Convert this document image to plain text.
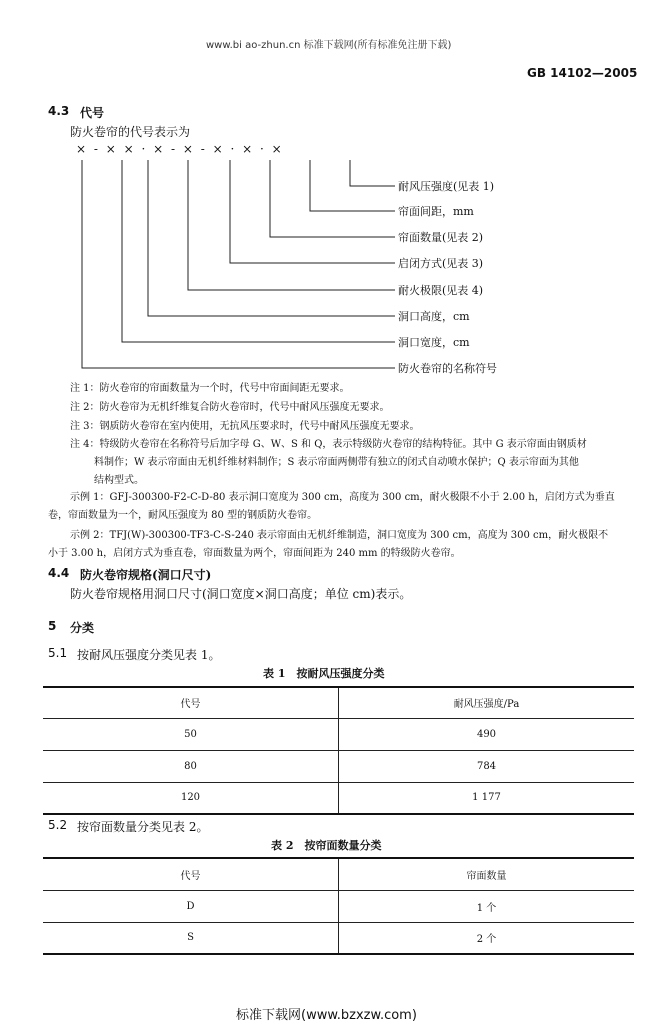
www.bi ao-zhun.cn 标准下载网(所有标准免注册下载)
GB 14102—2005
4.3 代号
防火卷帘的代号表示为
× - × × · × - × - × · × · ×
耐风压强度(见表 1)
帘面间距，mm
帘面数量(见表 2)
启闭方式(见表 3)
耐火极限(见表 4)
洞口高度，cm
洞口宽度，cm
防火卷帘的名称符号
注 1：防火卷帘的帘面数量为一个时，代号中帘面间距无要求。
注 2：防火卷帘为无机纤维复合防火卷帘时，代号中耐风压强度无要求。
注 3：钢质防火卷帘在室内使用，无抗风压要求时，代号中耐风压强度无要求。
注 4：特级防火卷帘在名称符号后加字母 G、W、S 和 Q，表示特级防火卷帘的结构特征。其中 G 表示帘面由钢质材
料制作；W 表示帘面由无机纤维材料制作；S 表示帘面两侧带有独立的闭式自动喷水保护；Q 表示帘面为其他
结构型式。
示例 1：GFJ-300300-F2-C-D-80 表示洞口宽度为 300 cm，高度为 300 cm，耐火极限不小于 2.00 h，启闭方式为垂直
卷，帘面数量为一个，耐风压强度为 80 型的钢质防火卷帘。
示例 2：TFJ(W)-300300-TF3-C-S-240 表示帘面由无机纤维制造，洞口宽度为 300 cm，高度为 300 cm，耐火极限不
小于 3.00 h，启闭方式为垂直卷，帘面数量为两个，帘面间距为 240 mm 的特级防火卷帘。
4.4 防火卷帘规格(洞口尺寸)
防火卷帘规格用洞口尺寸(洞口宽度×洞口高度；单位 cm)表示。
5 分类
5.1 按耐风压强度分类见表 1。
表 1　按耐风压强度分类
代号	耐风压强度/Pa
50	490
80	784
120	1 177
5.2 按帘面数量分类见表 2。
表 2　按帘面数量分类
代号	帘面数量
D	1 个
S	2 个
标准下载网(www.bzxzw.com)
